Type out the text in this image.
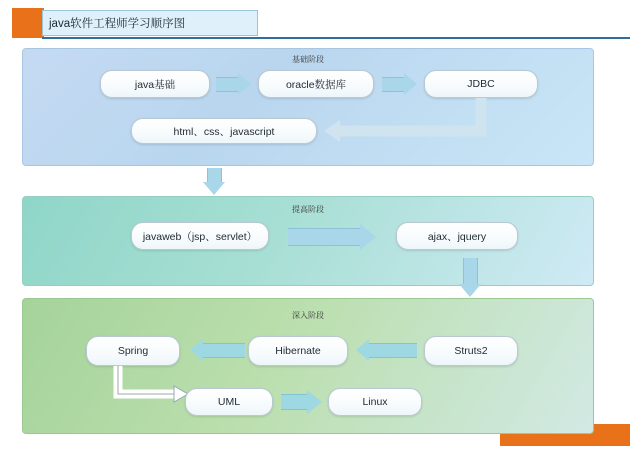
java软件工程师学习顺序图
基础阶段
java基础	oracle数据库	JDBC
html、css、javascript
提高阶段
javaweb（jsp、servlet）	ajax、jquery
深入阶段
Spring	Hibernate	Struts2
UML	Linux
